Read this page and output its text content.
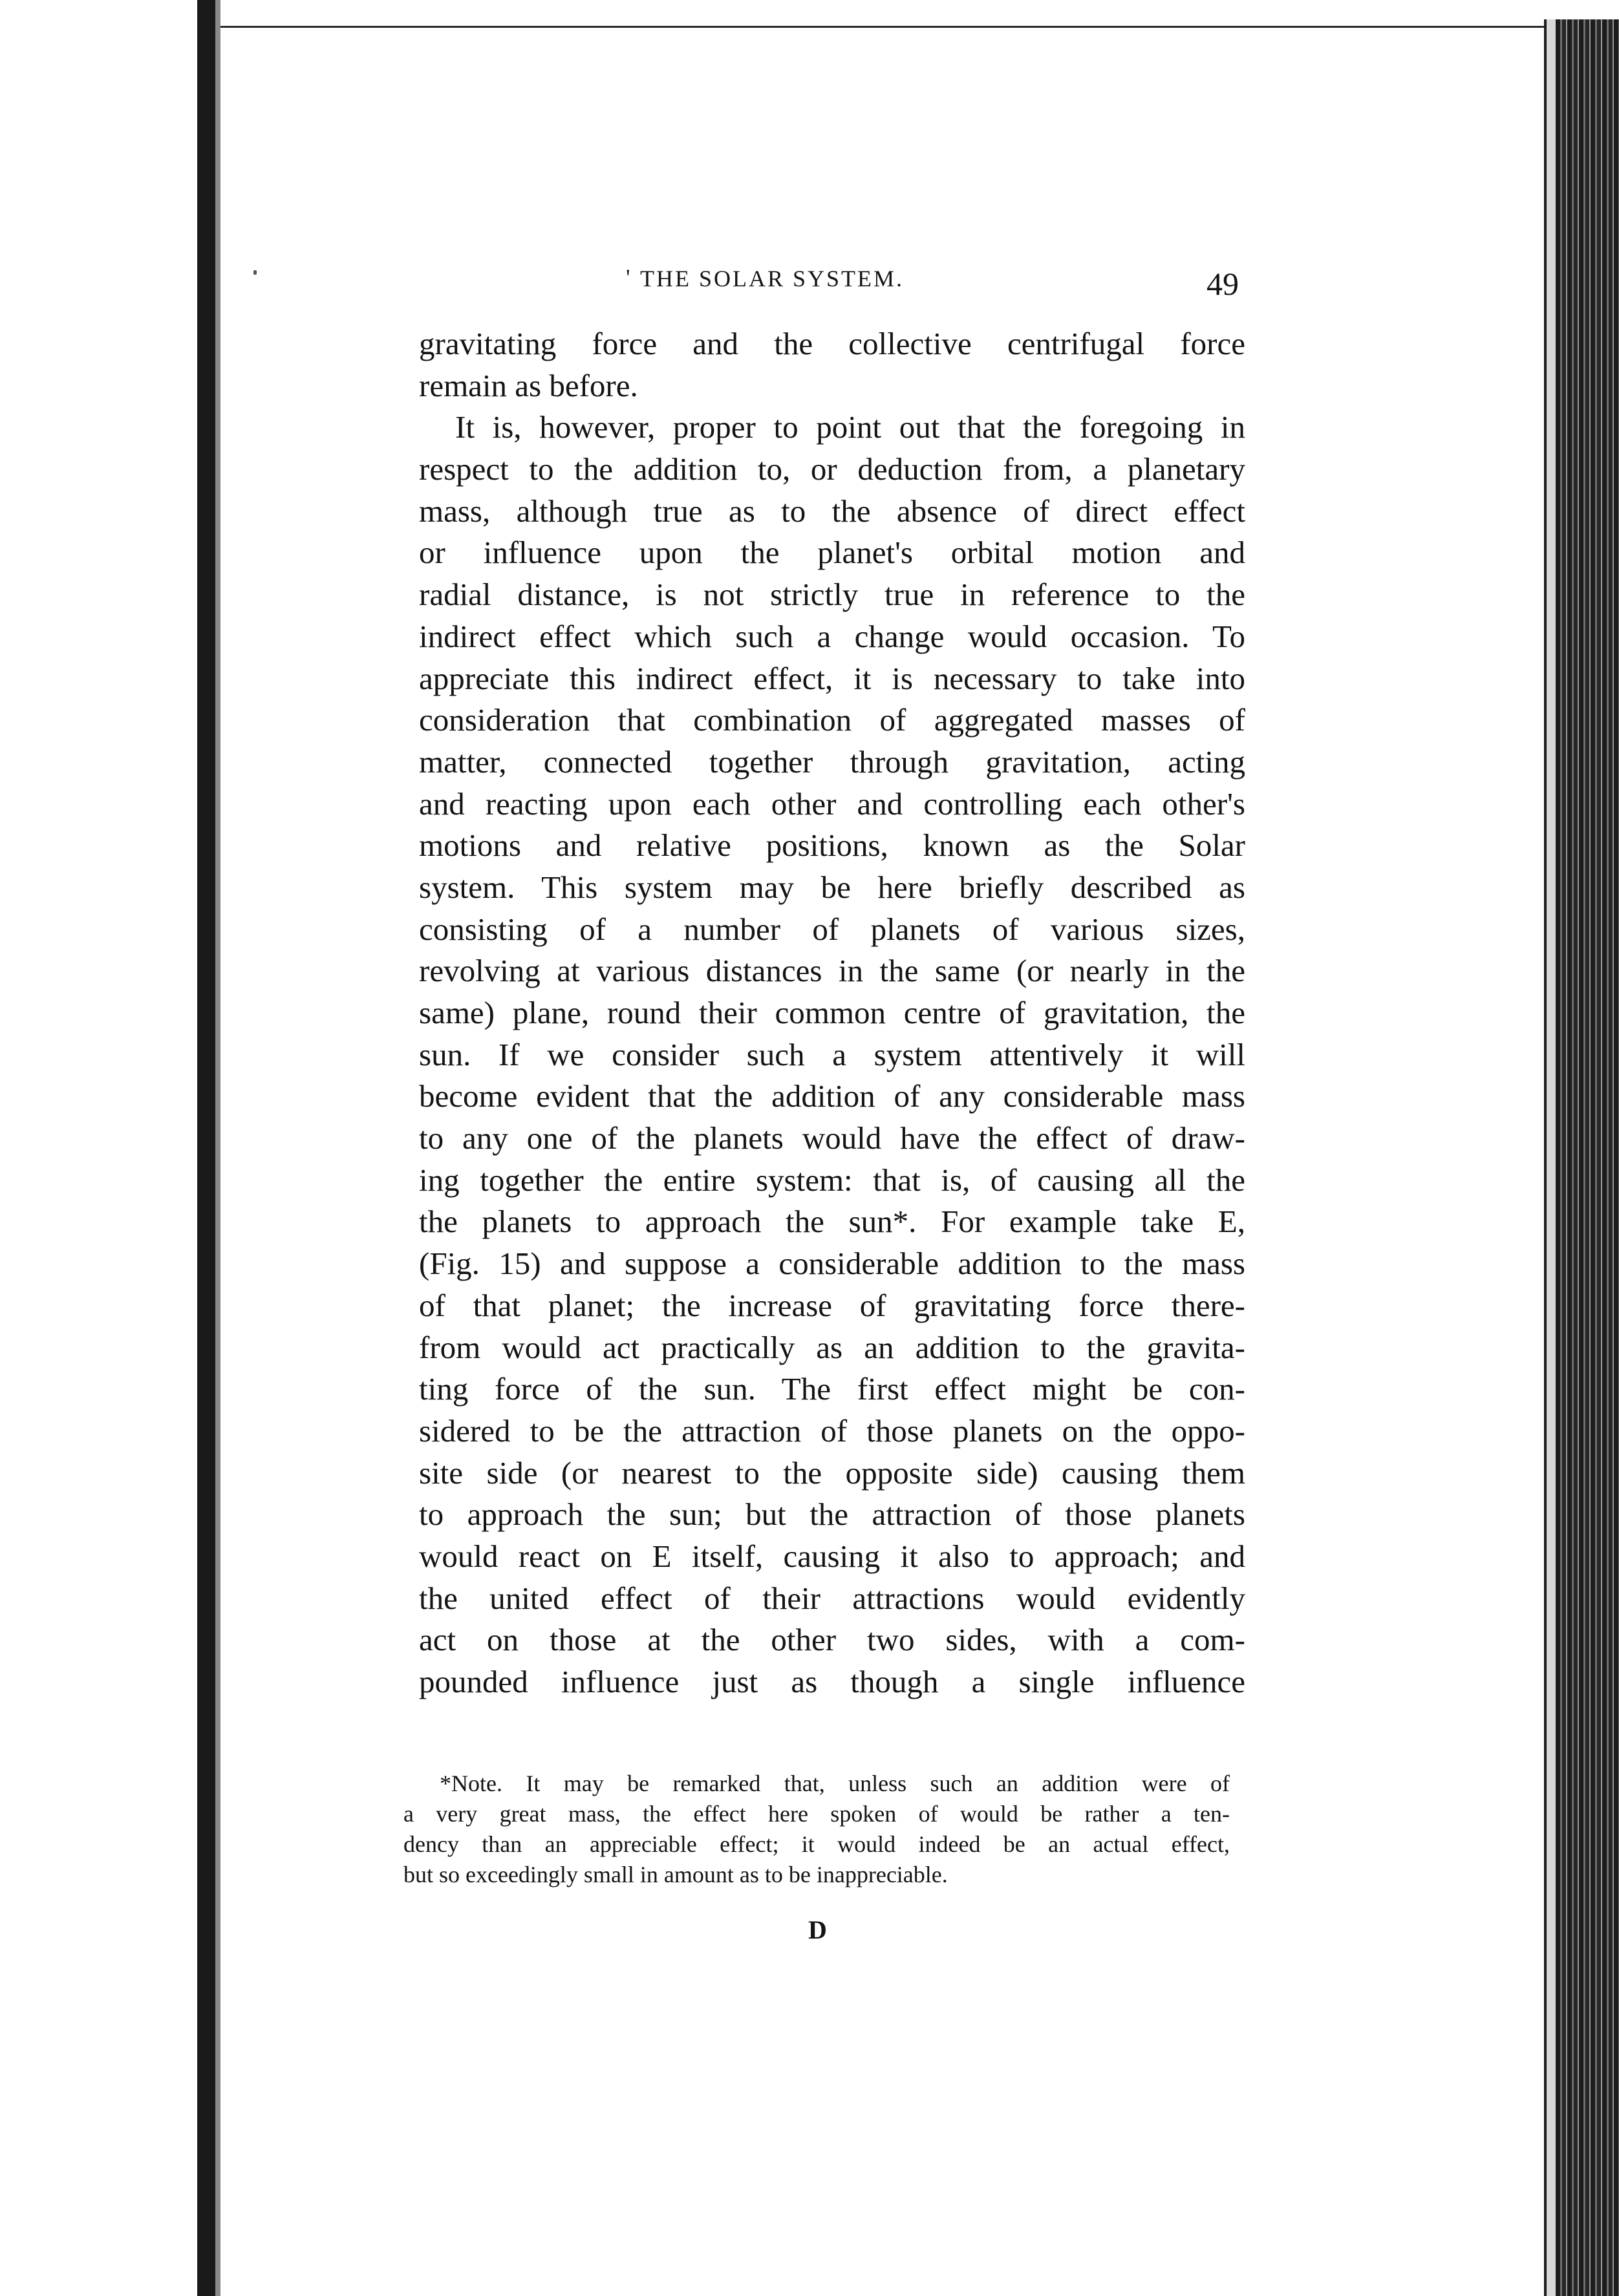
' THE SOLAR SYSTEM.	49
gravitating force and the collective centrifugal force
remain as before.
It is, however, proper to point out that the foregoing in
respect to the addition to, or deduction from, a planetary
mass, although true as to the absence of direct effect
or influence upon the planet's orbital motion and
radial distance, is not strictly true in reference to the
indirect effect which such a change would occasion. To
appreciate this indirect effect, it is necessary to take into
consideration that combination of aggregated masses of
matter, connected together through gravitation, acting
and reacting upon each other and controlling each other's
motions and relative positions, known as the Solar
system. This system may be here briefly described as
consisting of a number of planets of various sizes,
revolving at various distances in the same (or nearly in the
same) plane, round their common centre of gravitation, the
sun. If we consider such a system attentively it will
become evident that the addition of any considerable mass
to any one of the planets would have the effect of draw-
ing together the entire system: that is, of causing all the
the planets to approach the sun*. For example take E,
(Fig. 15) and suppose a considerable addition to the mass
of that planet; the increase of gravitating force there-
from would act practically as an addition to the gravita-
ting force of the sun. The first effect might be con-
sidered to be the attraction of those planets on the oppo-
site side (or nearest to the opposite side) causing them
to approach the sun; but the attraction of those planets
would react on E itself, causing it also to approach; and
the united effect of their attractions would evidently
act on those at the other two sides, with a com-
pounded influence just as though a single influence
*Note. It may be remarked that, unless such an addition were of
a very great mass, the effect here spoken of would be rather a ten-
dency than an appreciable effect; it would indeed be an actual effect,
but so exceedingly small in amount as to be inappreciable.
D
